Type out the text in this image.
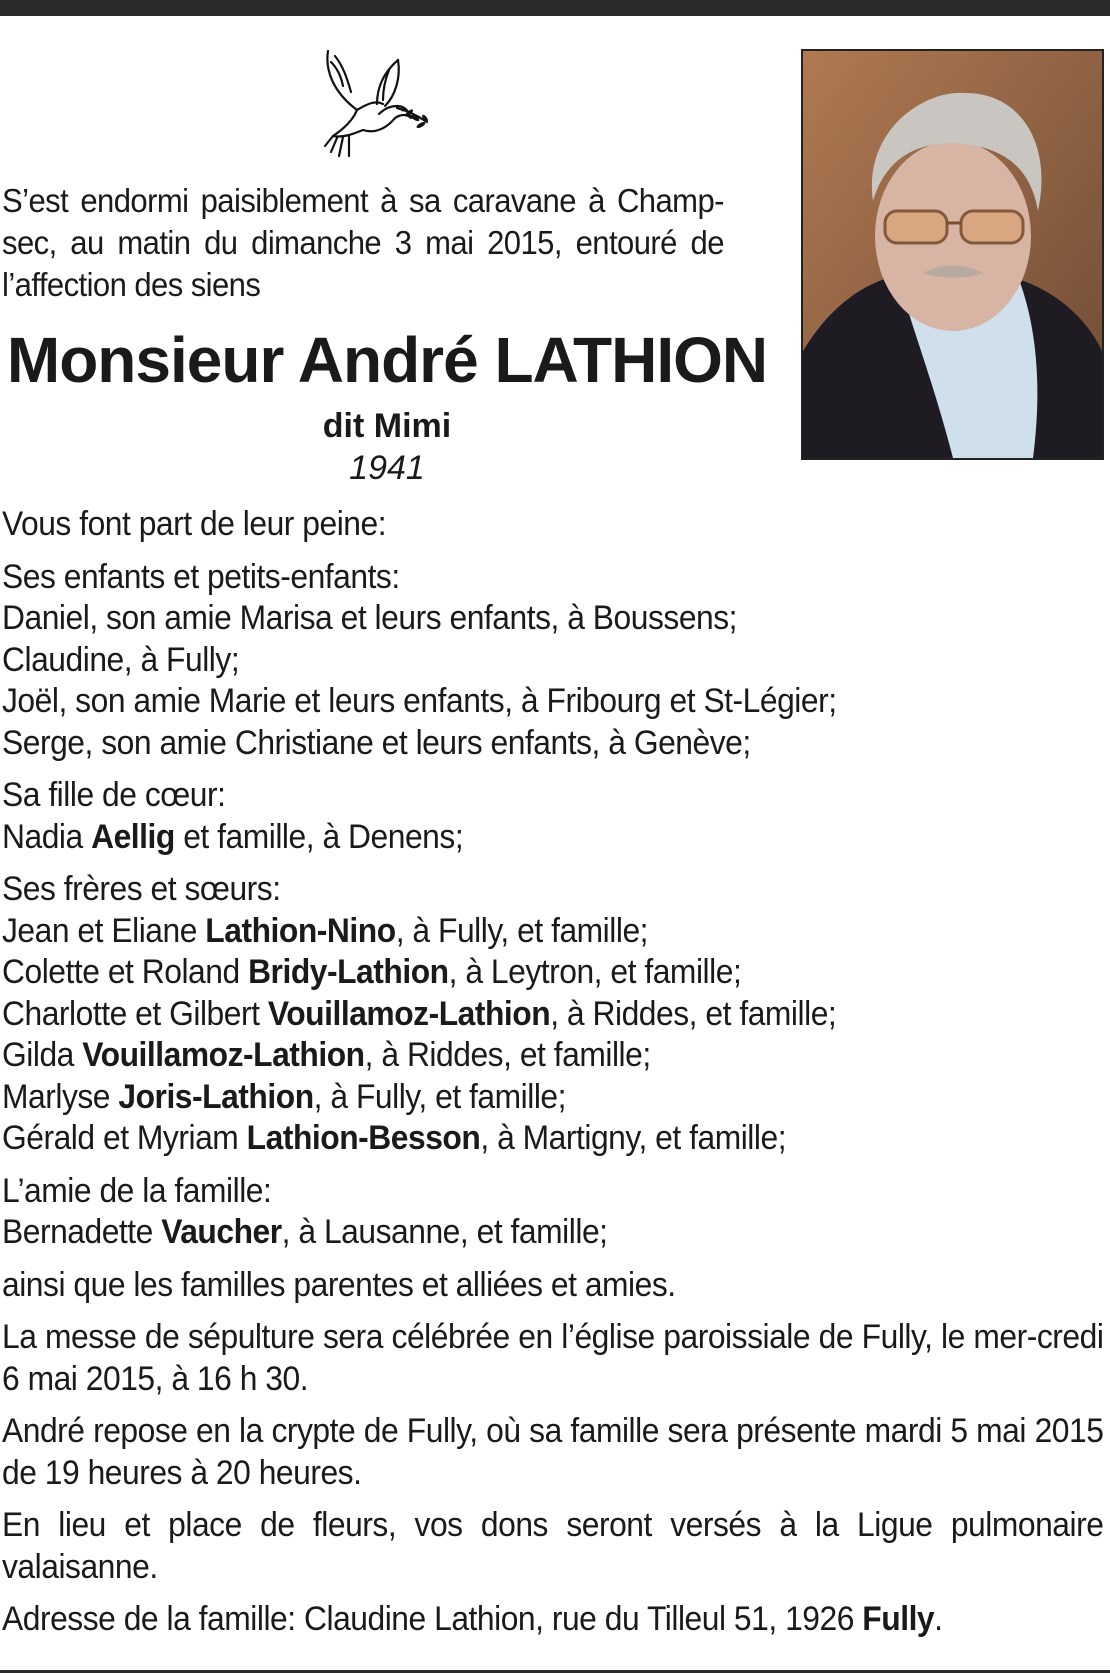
S’est endormi paisiblement à sa caravane à Champ-sec, au matin du dimanche 3 mai 2015, entouré de l’affection des siens
Monsieur André LATHION
dit Mimi
1941

Vous font part de leur peine:

Ses enfants et petits-enfants:

Daniel, son amie Marisa et leurs enfants, à Boussens;

Claudine, à Fully;

Joël, son amie Marie et leurs enfants, à Fribourg et St-Légier;

Serge, son amie Christiane et leurs enfants, à Genève;

Sa fille de cœur:

Nadia Aellig et famille, à Denens;

Ses frères et sœurs:

Jean et Eliane Lathion-Nino, à Fully, et famille;

Colette et Roland Bridy-Lathion, à Leytron, et famille;

Charlotte et Gilbert Vouillamoz-Lathion, à Riddes, et famille;

Gilda Vouillamoz-Lathion, à Riddes, et famille;

Marlyse Joris-Lathion, à Fully, et famille;

Gérald et Myriam Lathion-Besson, à Martigny, et famille;

L’amie de la famille:

Bernadette Vaucher, à Lausanne, et famille;

ainsi que les familles parentes et alliées et amies.

La messe de sépulture sera célébrée en l’église paroissiale de Fully, le mer-credi 6 mai 2015, à 16 h 30.

André repose en la crypte de Fully, où sa famille sera présente mardi 5 mai 2015 de 19 heures à 20 heures.

En lieu et place de fleurs, vos dons seront versés à la Ligue pulmonaire valaisanne.

Adresse de la famille: Claudine Lathion, rue du Tilleul 51, 1926 Fully.
